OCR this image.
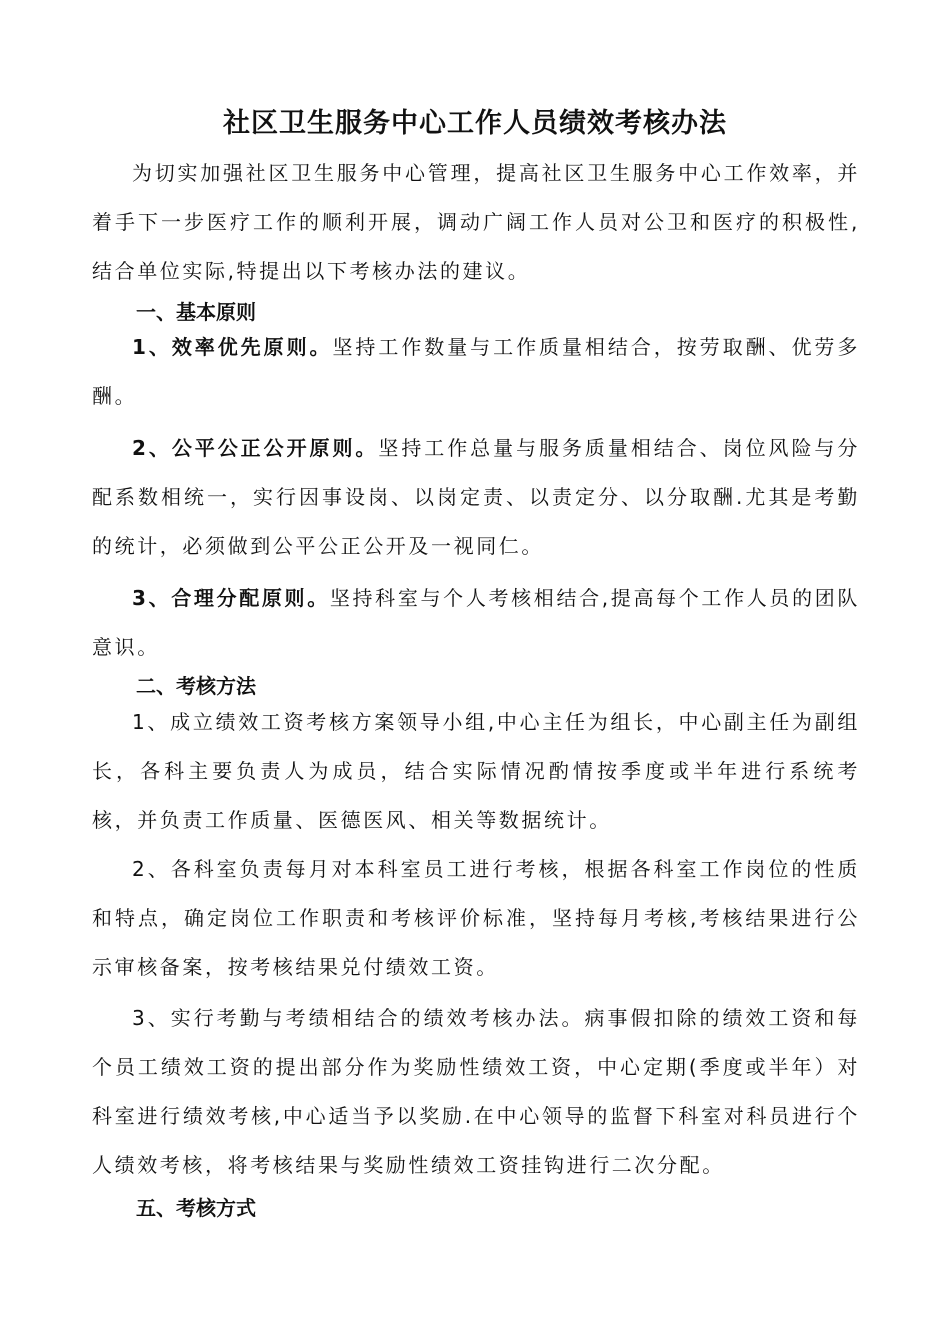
社区卫生服务中心工作人员绩效考核办法

为切实加强社区卫生服务中心管理，提高社区卫生服务中心工作效率，并着手下一步医疗工作的顺利开展，调动广阔工作人员对公卫和医疗的积极性,结合单位实际,特提出以下考核办法的建议。

一、基本原则

1、效率优先原则。坚持工作数量与工作质量相结合，按劳取酬、优劳多酬。

2、公平公正公开原则。坚持工作总量与服务质量相结合、岗位风险与分配系数相统一，实行因事设岗、以岗定责、以责定分、以分取酬.尤其是考勤的统计，必须做到公平公正公开及一视同仁。

3、合理分配原则。坚持科室与个人考核相结合,提高每个工作人员的团队意识。

二、考核方法

1、成立绩效工资考核方案领导小组,中心主任为组长，中心副主任为副组长，各科主要负责人为成员，结合实际情况酌情按季度或半年进行系统考核，并负责工作质量、医德医风、相关等数据统计。

2、各科室负责每月对本科室员工进行考核，根据各科室工作岗位的性质和特点，确定岗位工作职责和考核评价标准，坚持每月考核,考核结果进行公示审核备案，按考核结果兑付绩效工资。

3、实行考勤与考绩相结合的绩效考核办法。病事假扣除的绩效工资和每个员工绩效工资的提出部分作为奖励性绩效工资，中心定期(季度或半年）对科室进行绩效考核,中心适当予以奖励.在中心领导的监督下科室对科员进行个人绩效考核，将考核结果与奖励性绩效工资挂钩进行二次分配。

五、考核方式
